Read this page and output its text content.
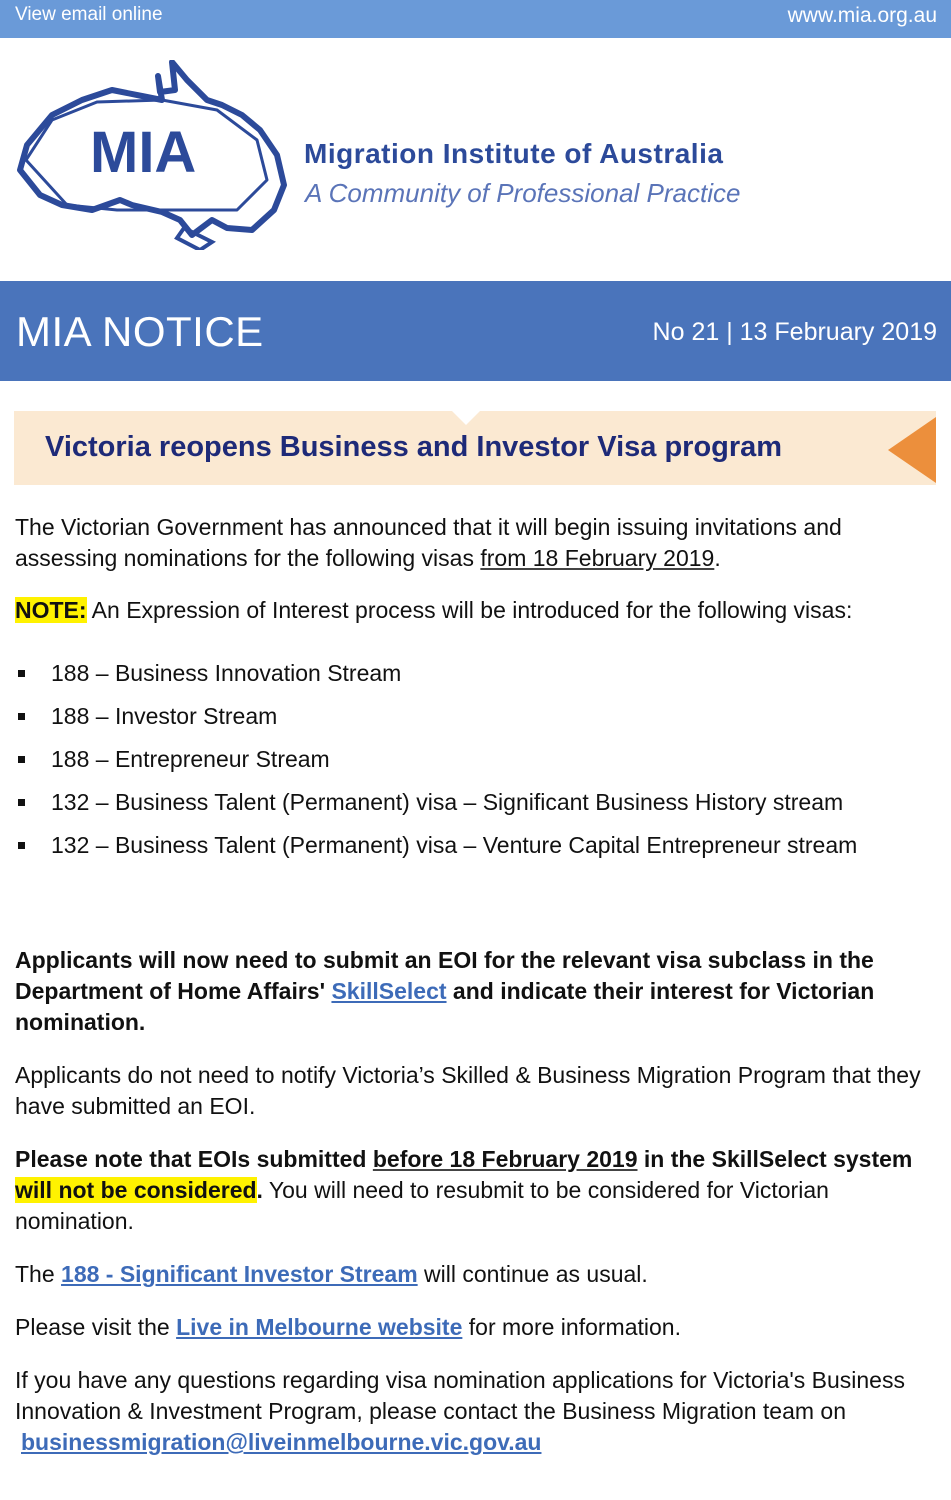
View email online	www.mia.org.au
MIA	Migration Institute of Australia
A Community of Professional Practice
MIA NOTICE	No 21 | 13 February 2019
Victoria reopens Business and Investor Visa program

The Victorian Government has announced that it will begin issuing invitations and assessing nominations for the following visas from 18 February 2019.

NOTE: An Expression of Interest process will be introduced for the following visas:

188 – Business Innovation Stream
188 – Investor Stream
188 – Entrepreneur Stream
132 – Business Talent (Permanent) visa – Significant Business History stream
132 – Business Talent (Permanent) visa – Venture Capital Entrepreneur stream

Applicants will now need to submit an EOI for the relevant visa subclass in the Department of Home Affairs' SkillSelect and indicate their interest for Victorian nomination.

Applicants do not need to notify Victoria’s Skilled & Business Migration Program that they have submitted an EOI.

Please note that EOIs submitted before 18 February 2019 in the SkillSelect system will not be considered. You will need to resubmit to be considered for Victorian nomination.

The 188 - Significant Investor Stream will continue as usual.

Please visit the Live in Melbourne website for more information.

If you have any questions regarding visa nomination applications for Victoria's Business Innovation & Investment Program, please contact the Business Migration team on businessmigration@liveinmelbourne.vic.gov.au
